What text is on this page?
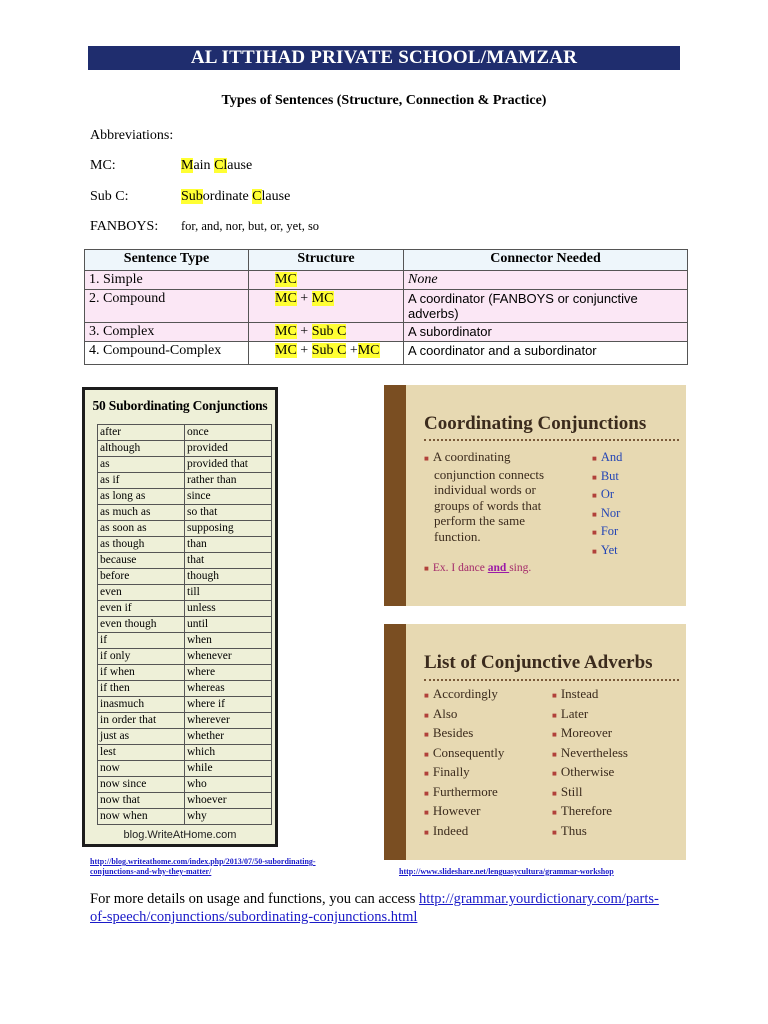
AL ITTIHAD PRIVATE SCHOOL/MAMZAR
Types of Sentences (Structure, Connection & Practice)
Abbreviations:
MC:	Main Clause
Sub C:	Subordinate Clause
FANBOYS: for, and, nor, but, or, yet, so
Sentence Type	Structure	Connector Needed
1. Simple	MC	None
2. Compound	MC + MC	A coordinator (FANBOYS or conjunctive adverbs)
3. Complex	MC + Sub C	A subordinator
4. Compound-Complex	MC + Sub C +MC	A coordinator and a subordinator
50 Subordinating Conjunctions
after	once
although	provided
as	provided that
as if	rather than
as long as	since
as much as	so that
as soon as	supposing
as though	than
because	that
before	though
even	till
even if	unless
even though	until
if	when
if only	whenever
if when	where
if then	whereas
inasmuch	where if
in order that	wherever
just as	whether
lest	which
now	while
now since	who
now that	whoever
now when	why
blog.WriteAtHome.com
Coordinating Conjunctions
■ A coordinating
conjunction connects
individual words or
groups of words that
perform the same
function.
■ And
■ But
■ Or
■ Nor
■ For
■ Yet
■ Ex. I dance and sing.
List of Conjunctive Adverbs
■ Accordingly
■ Also
■ Besides
■ Consequently
■ Finally
■ Furthermore
■ However
■ Indeed
■ Instead
■ Later
■ Moreover
■ Nevertheless
■ Otherwise
■ Still
■ Therefore
■ Thus
http://blog.writeathome.com/index.php/2013/07/50-subordinating-
conjunctions-and-why-they-matter/	http://www.slideshare.net/lenguasycultura/grammar-workshop
For more details on usage and functions, you can access http://grammar.yourdictionary.com/parts-
of-speech/conjunctions/subordinating-conjunctions.html
